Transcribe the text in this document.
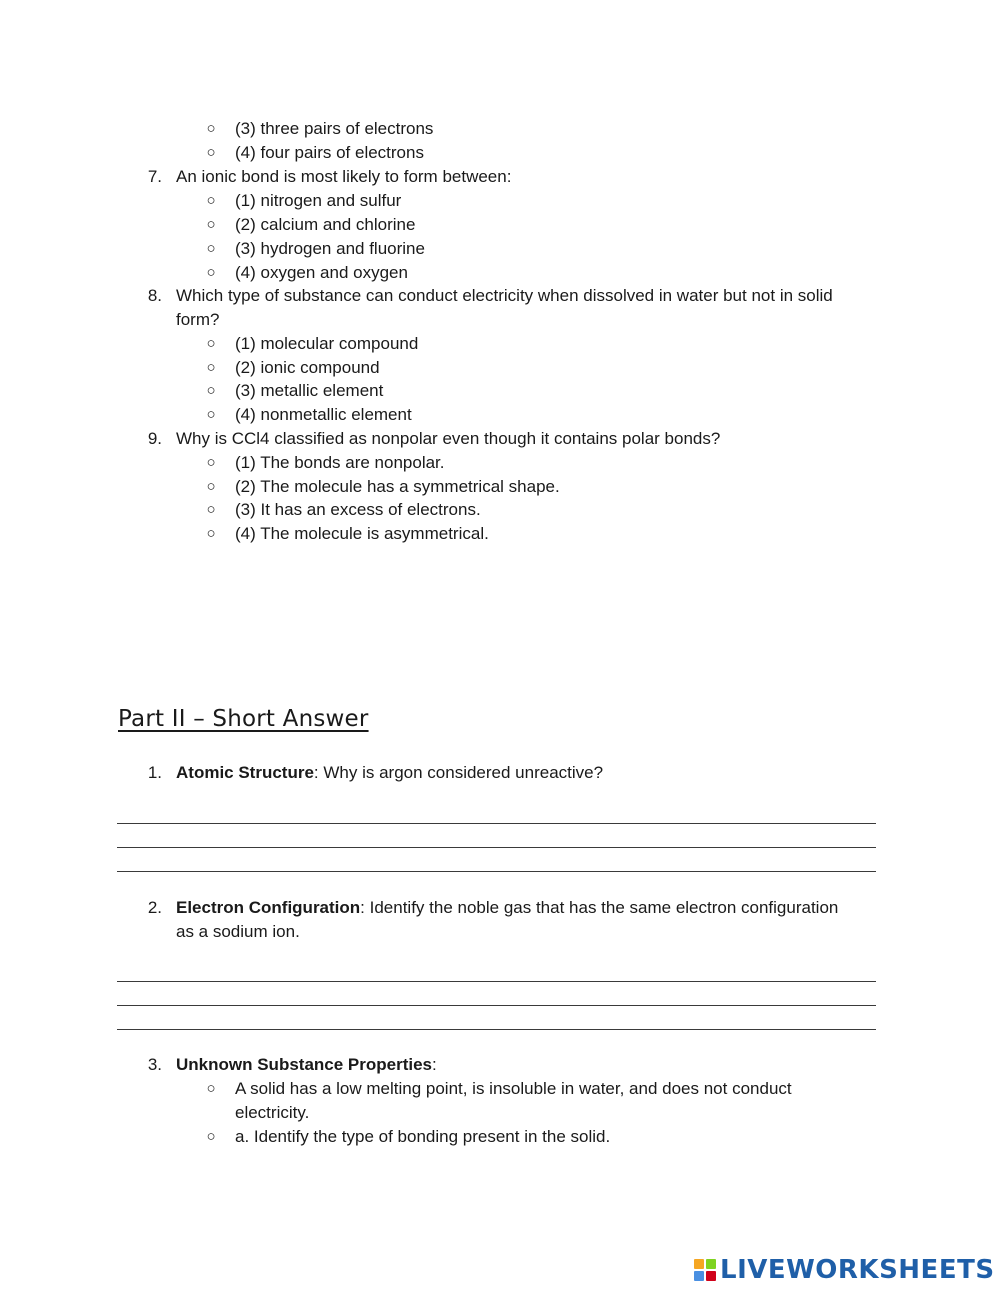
○ (3) three pairs of electrons
○ (4) four pairs of electrons
7. An ionic bond is most likely to form between:
○ (1) nitrogen and sulfur
○ (2) calcium and chlorine
○ (3) hydrogen and fluorine
○ (4) oxygen and oxygen
8. Which type of substance can conduct electricity when dissolved in water but not in solid
form?
○ (1) molecular compound
○ (2) ionic compound
○ (3) metallic element
○ (4) nonmetallic element
9. Why is CCl4 classified as nonpolar even though it contains polar bonds?
○ (1) The bonds are nonpolar.
○ (2) The molecule has a symmetrical shape.
○ (3) It has an excess of electrons.
○ (4) The molecule is asymmetrical.
Part II – Short Answer
1. Atomic Structure: Why is argon considered unreactive?
2. Electron Configuration: Identify the noble gas that has the same electron configuration
as a sodium ion.
3. Unknown Substance Properties:
○ A solid has a low melting point, is insoluble in water, and does not conduct
electricity.
○ a. Identify the type of bonding present in the solid.
LIVEWORKSHEETS
